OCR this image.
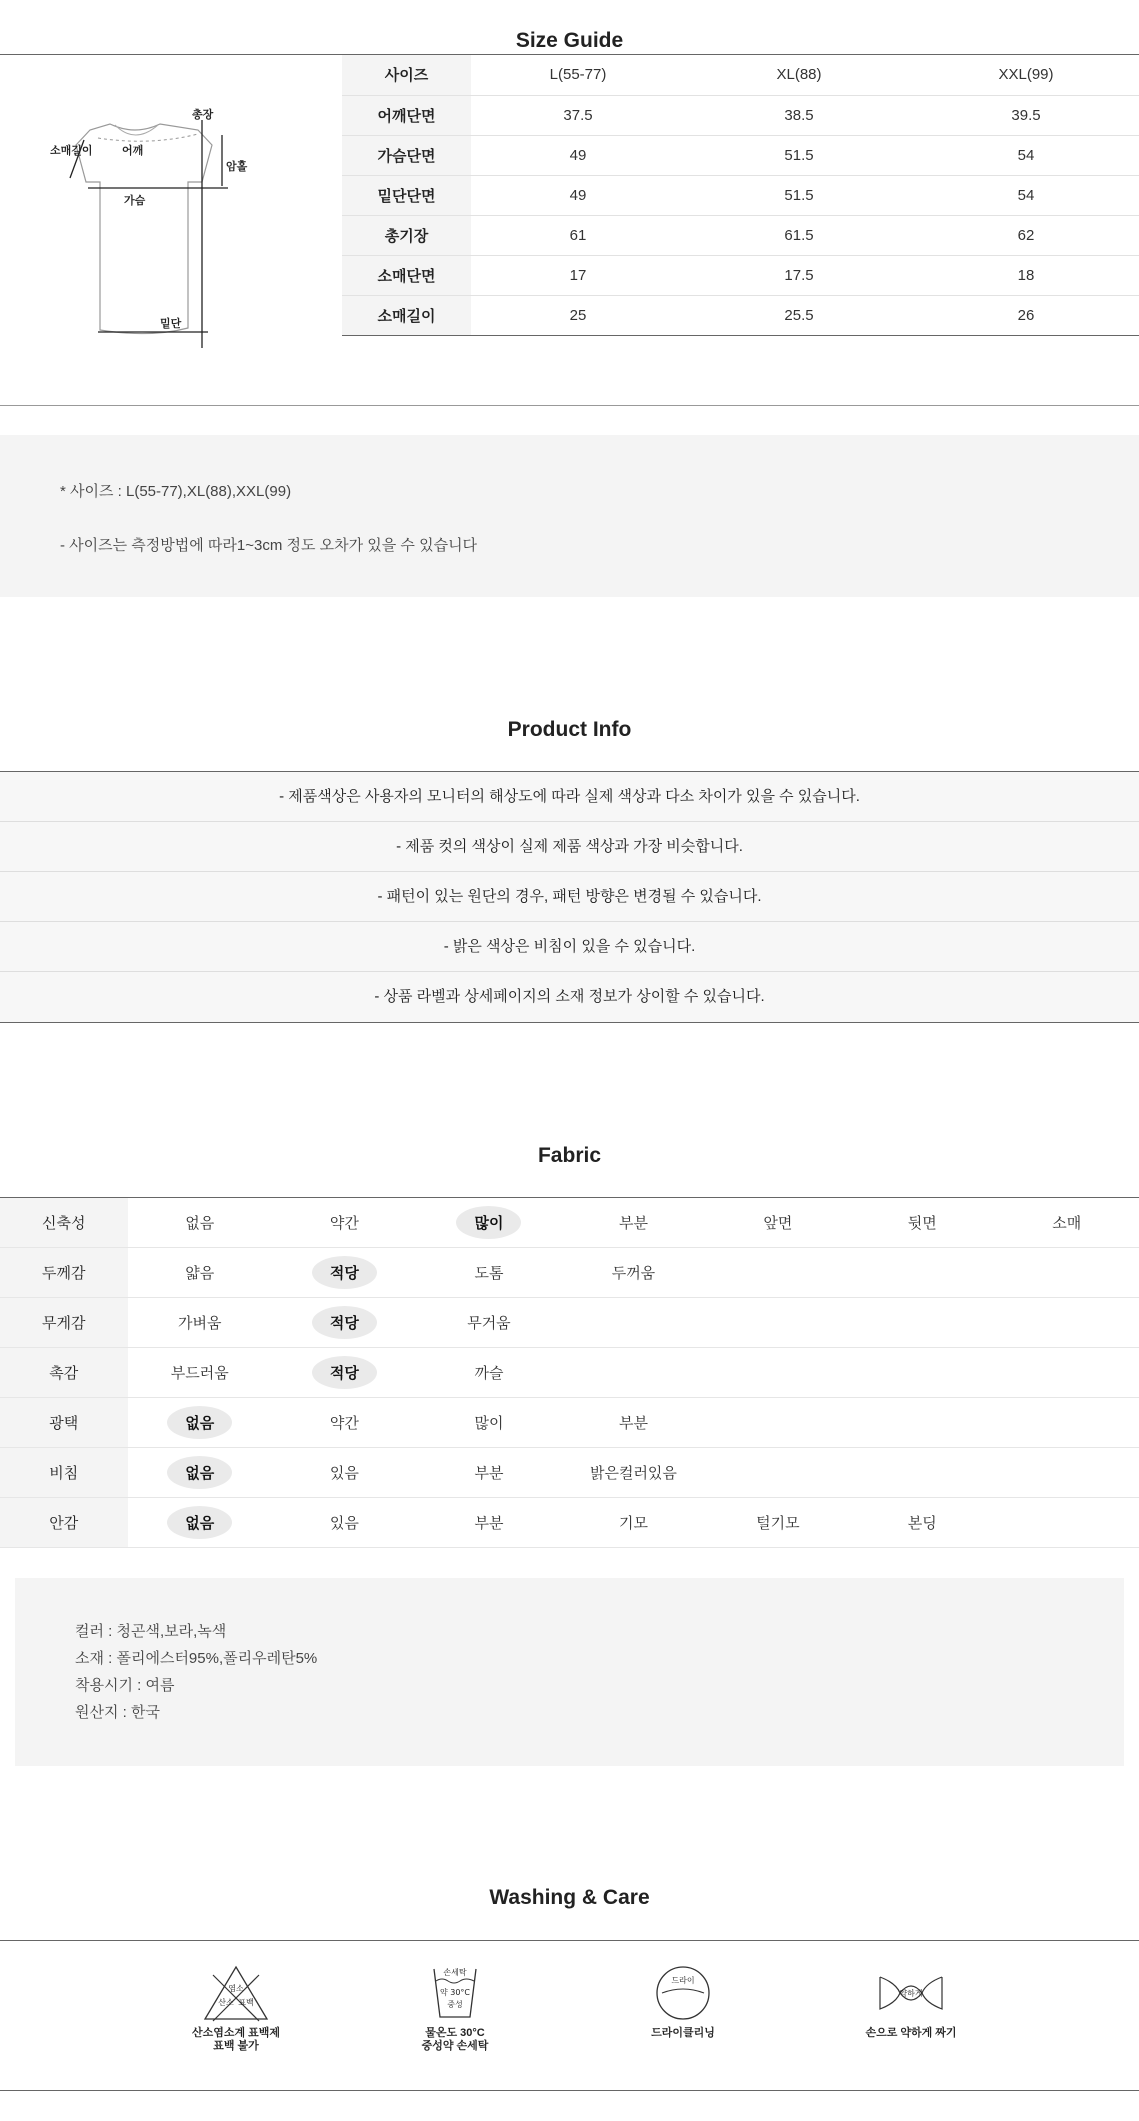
Size Guide
총장
소매길이	어깨
암홀
가슴
밑단
사이즈	L(55-77)	XL(88)	XXL(99)
어깨단면	37.5	38.5	39.5
가슴단면	49	51.5	54
밑단단면	49	51.5	54
총기장	61	61.5	62
소매단면	17	17.5	18
소매길이	25	25.5	26
* 사이즈 : L(55-77),XL(88),XXL(99)
- 사이즈는 측정방법에 따라1~3cm 정도 오차가 있을 수 있습니다
Product Info
- 제품색상은 사용자의 모니터의 해상도에 따라 실제 색상과 다소 차이가 있을 수 있습니다.
- 제품 컷의 색상이 실제 제품 색상과 가장 비슷합니다.
- 패턴이 있는 원단의 경우, 패턴 방향은 변경될 수 있습니다.
- 밝은 색상은 비침이 있을 수 있습니다.
- 상품 라벨과 상세페이지의 소재 정보가 상이할 수 있습니다.
Fabric
신축성	없음	약간	많이	부분	앞면	뒷면	소매
두께감	얇음	적당	도톰	두꺼움			
무게감	가벼움	적당	무거움				
촉감	부드러움	적당	까슬				
광택	없음	약간	많이	부분			
비침	없음	있음	부분	밝은컬러있음			
안감	없음	있음	부분	기모	털기모	본딩	
컬러 : 청곤색,보라,녹색
소재 : 폴리에스터95%,폴리우레탄5%
착용시기 : 여름
원산지 : 한국
Washing & Care
염소
산소 표백
산소염소계 표백제
표백 불가
손세탁
약 30°C
중성
물온도 30°C
중성약 손세탁
드라이
드라이클리닝
약하게
손으로 약하게 짜기
